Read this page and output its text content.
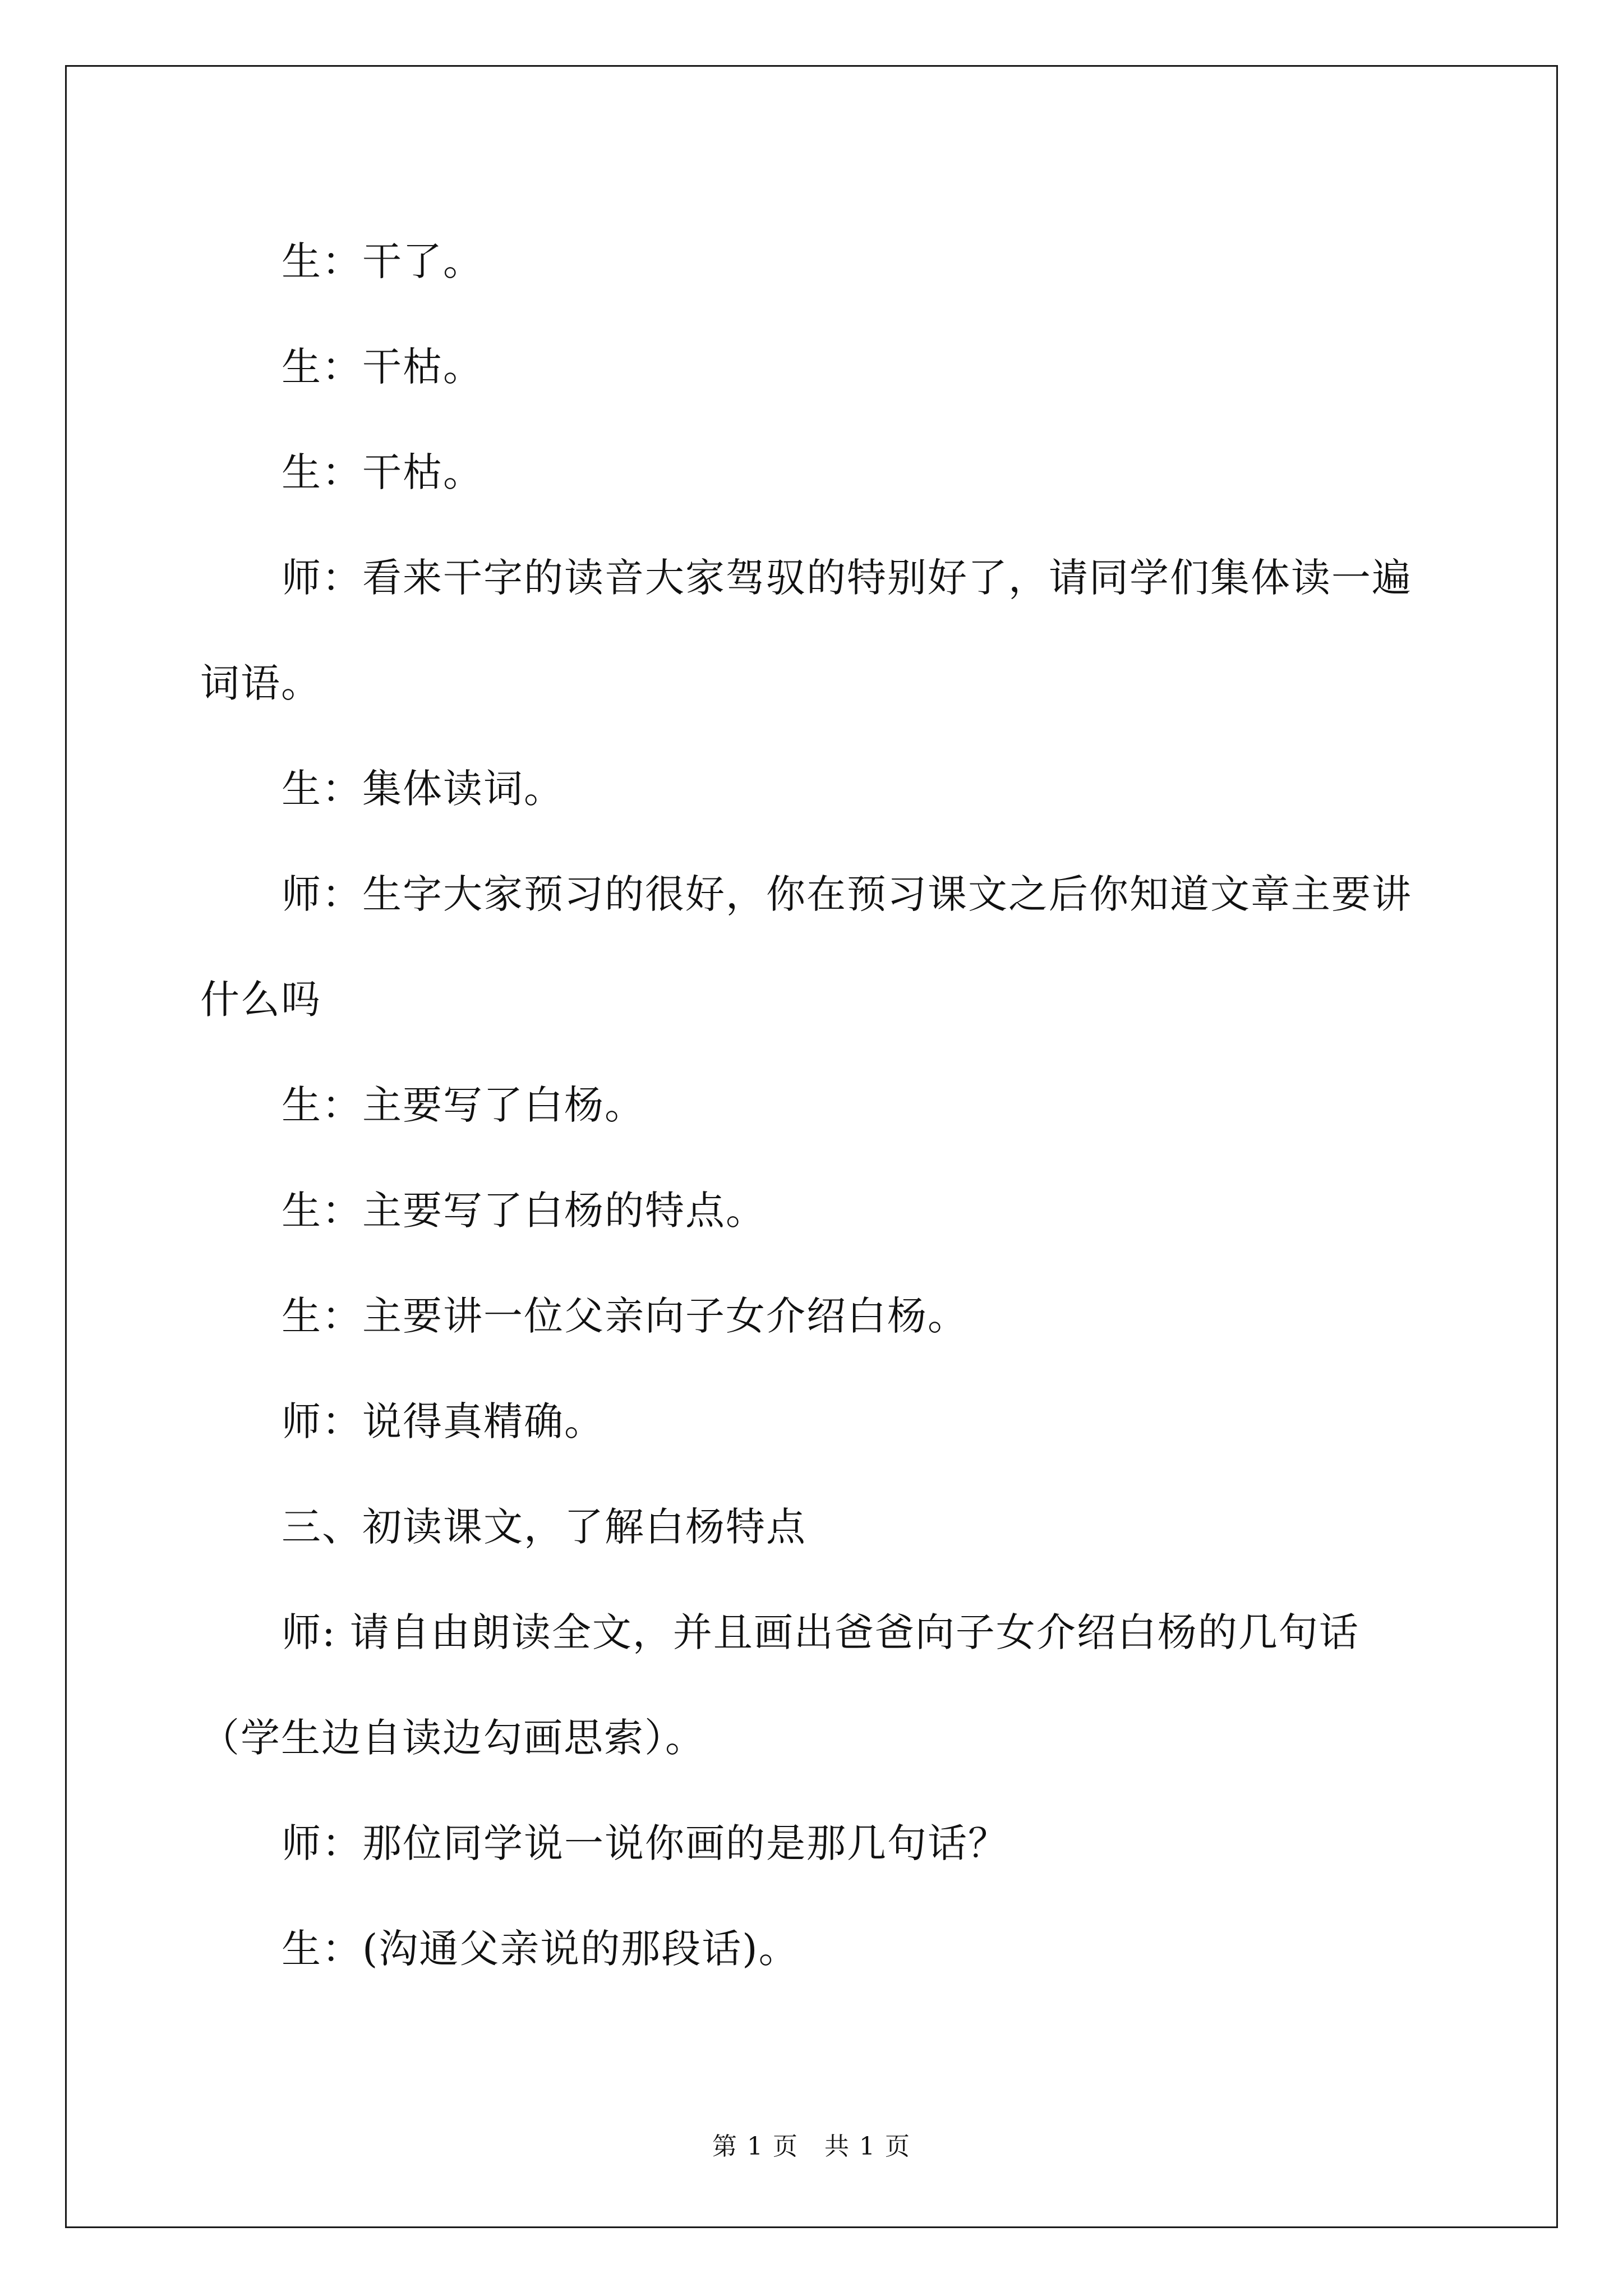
生：干了。

生：干枯。

生：干枯。

师：看来干字的读音大家驾驭的特别好了，请同学们集体读一遍词语。

生：集体读词。

师：生字大家预习的很好，你在预习课文之后你知道文章主要讲什么吗

生：主要写了白杨。

生：主要写了白杨的特点。

生：主要讲一位父亲向子女介绍白杨。

师：说得真精确。

三、初读课文，了解白杨特点

师: 请自由朗读全文，并且画出爸爸向子女介绍白杨的几句话（学生边自读边勾画思索）。

师：那位同学说一说你画的是那几句话？

生：(沟通父亲说的那段话)。

第 1 页　共 1 页
